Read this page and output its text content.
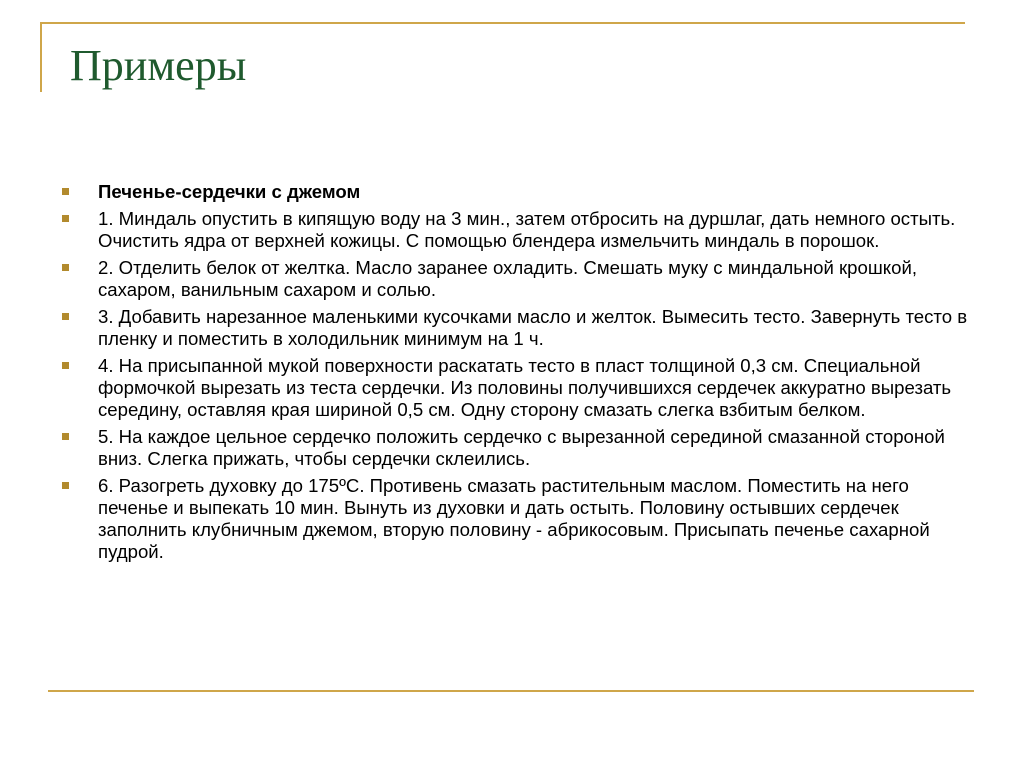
Примеры
Печенье-сердечки с джемом
1. Миндаль опустить в кипящую воду на 3 мин., затем отбросить на дуршлаг, дать немного остыть. Очистить ядра от верхней кожицы. С помощью блендера измельчить миндаль в порошок.
2. Отделить белок от желтка. Масло заранее охладить. Смешать муку с миндальной крошкой, сахаром, ванильным сахаром и солью.
3. Добавить нарезанное маленькими кусочками масло и желток. Вымесить тесто. Завернуть тесто в пленку и поместить в холодильник минимум на 1 ч.
4. На присыпанной мукой поверхности раскатать тесто в пласт толщиной 0,3 см. Специальной формочкой вырезать из теста сердечки. Из половины получившихся сердечек аккуратно вырезать середину, оставляя края шириной 0,5 см. Одну сторону смазать слегка взбитым белком.
5. На каждое цельное сердечко положить сердечко с вырезанной серединой смазанной стороной вниз. Слегка прижать, чтобы сердечки склеились.
6. Разогреть духовку до 175ºС. Противень смазать растительным маслом. Поместить на него печенье и выпекать 10 мин. Вынуть из духовки и дать остыть. Половину остывших сердечек заполнить клубничным джемом, вторую половину - абрикосовым. Присыпать печенье сахарной пудрой.
